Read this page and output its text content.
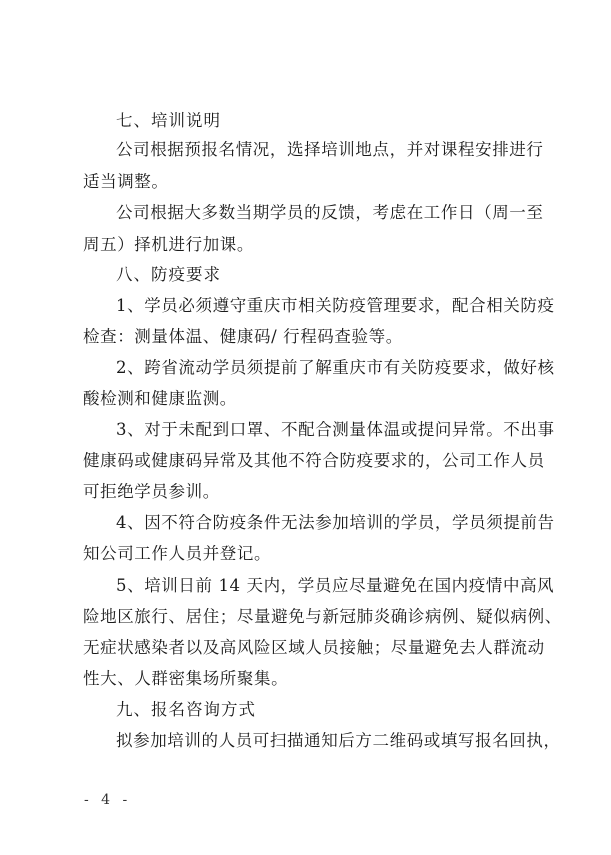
七、培训说明
公司根据预报名情况，选择培训地点，并对课程安排进行
适当调整。
公司根据大多数当期学员的反馈，考虑在工作日（周一至
周五）择机进行加课。
八、防疫要求
1、学员必须遵守重庆市相关防疫管理要求，配合相关防疫
检查：测量体温、健康码/ 行程码查验等。
2、跨省流动学员须提前了解重庆市有关防疫要求，做好核
酸检测和健康监测。
3、对于未配到口罩、不配合测量体温或提问异常。不出事
健康码或健康码异常及其他不符合防疫要求的，公司工作人员
可拒绝学员参训。
4、因不符合防疫条件无法参加培训的学员，学员须提前告
知公司工作人员并登记。
5、培训日前 14 天内，学员应尽量避免在国内疫情中高风
险地区旅行、居住；尽量避免与新冠肺炎确诊病例、疑似病例、
无症状感染者以及高风险区域人员接触；尽量避免去人群流动
性大、人群密集场所聚集。
九、报名咨询方式
拟参加培训的人员可扫描通知后方二维码或填写报名回执，
- 4 -
